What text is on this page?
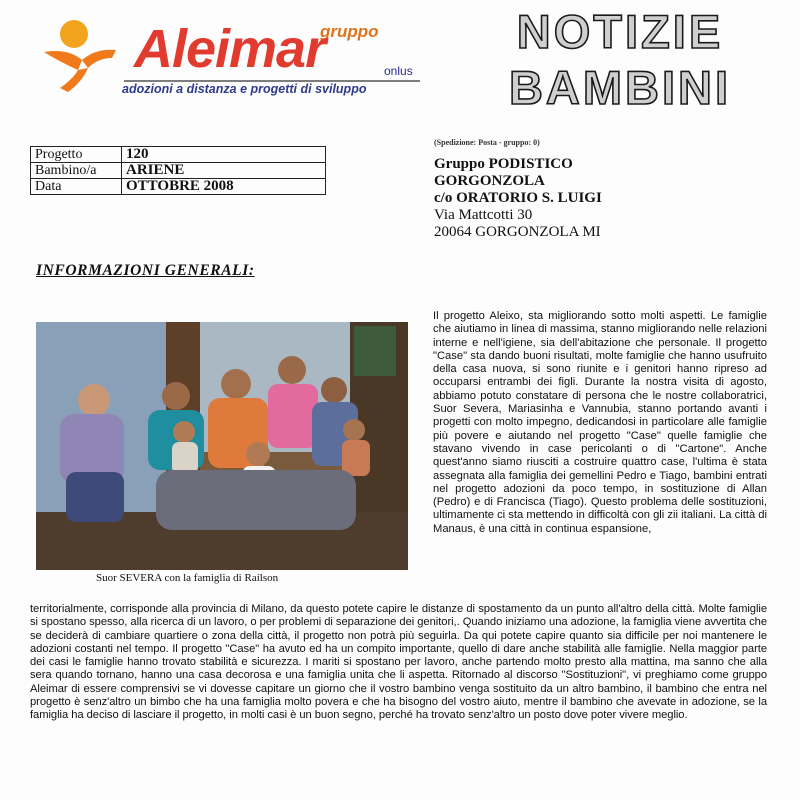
gruppo
Aleimar	onlus
adozioni a distanza e progetti di sviluppo
NOTIZIE
BAMBINI
Progetto	120
Bambino/a	ARIENE
Data	OTTOBRE 2008
(Spedizione: Posta - gruppo: 0)
Gruppo PODISTICO
GORGONZOLA
c/o ORATORIO S. LUIGI
Via Mattcotti 30
20064 GORGONZOLA MI
INFORMAZIONI GENERALI:
Suor SEVERA con la famiglia di Railson

Il progetto Aleixo, sta migliorando sotto molti aspetti. Le famiglie che aiutiamo in linea di massima, stanno migliorando nelle relazioni interne e nell'igiene, sia dell'abitazione che personale. Il progetto "Case" sta dando buoni risultati, molte famiglie che hanno usufruito della casa nuova, si sono riunite e i genitori hanno ripreso ad occuparsi entrambi dei figli. Durante la nostra visita di agosto, abbiamo potuto constatare di persona che le nostre collaboratrici, Suor Severa, Mariasinha e Vannubia, stanno portando avanti i progetti con molto impegno, dedicandosi in particolare alle famiglie più povere e aiutando nel progetto "Case" quelle famiglie che stavano vivendo in case pericolanti o di "Cartone". Anche quest'anno siamo riusciti a costruire quattro case, l'ultima è stata assegnata alla famiglia dei gemellini Pedro e Tiago, bambini entrati nel progetto adozioni da poco tempo, in sostituzione di Allan (Pedro) e di Francisca (Tiago). Questo problema delle sostituzioni, ultimamente ci sta mettendo in difficoltà con gli zii italiani. La città di Manaus, è una città in continua espansione,

territorialmente, corrisponde alla provincia di Milano, da questo potete capire le distanze di spostamento da un punto all'altro della città. Molte famiglie si spostano spesso, alla ricerca di un lavoro, o per problemi di separazione dei genitori,. Quando iniziamo una adozione, la famiglia viene avvertita che se deciderà di cambiare quartiere o zona della città, il progetto non potrà più seguirla. Da qui potete capire quanto sia difficile per noi mantenere le adozioni costanti nel tempo. Il progetto "Case" ha avuto ed ha un compito importante, quello di dare anche stabilità alle famiglie. Nella maggior parte dei casi le famiglie hanno trovato stabilità e sicurezza. I mariti si spostano per lavoro, anche partendo molto presto alla mattina, ma sanno che alla sera quando tornano, hanno una casa decorosa e una famiglia unita che li aspetta. Ritornado al discorso "Sostituzioni", vi preghiamo come gruppo Aleimar di essere comprensivi se vi dovesse capitare un giorno che il vostro bambino venga sostituito da un altro bambino, il bambino che entra nel progetto è senz'altro un bimbo che ha una famiglia molto povera e che ha bisogno del vostro aiuto, mentre il bambino che avevate in adozione, se la famiglia ha deciso di lasciare il progetto, in molti casi è un buon segno, perché ha trovato senz'altro un posto dove poter vivere meglio.
